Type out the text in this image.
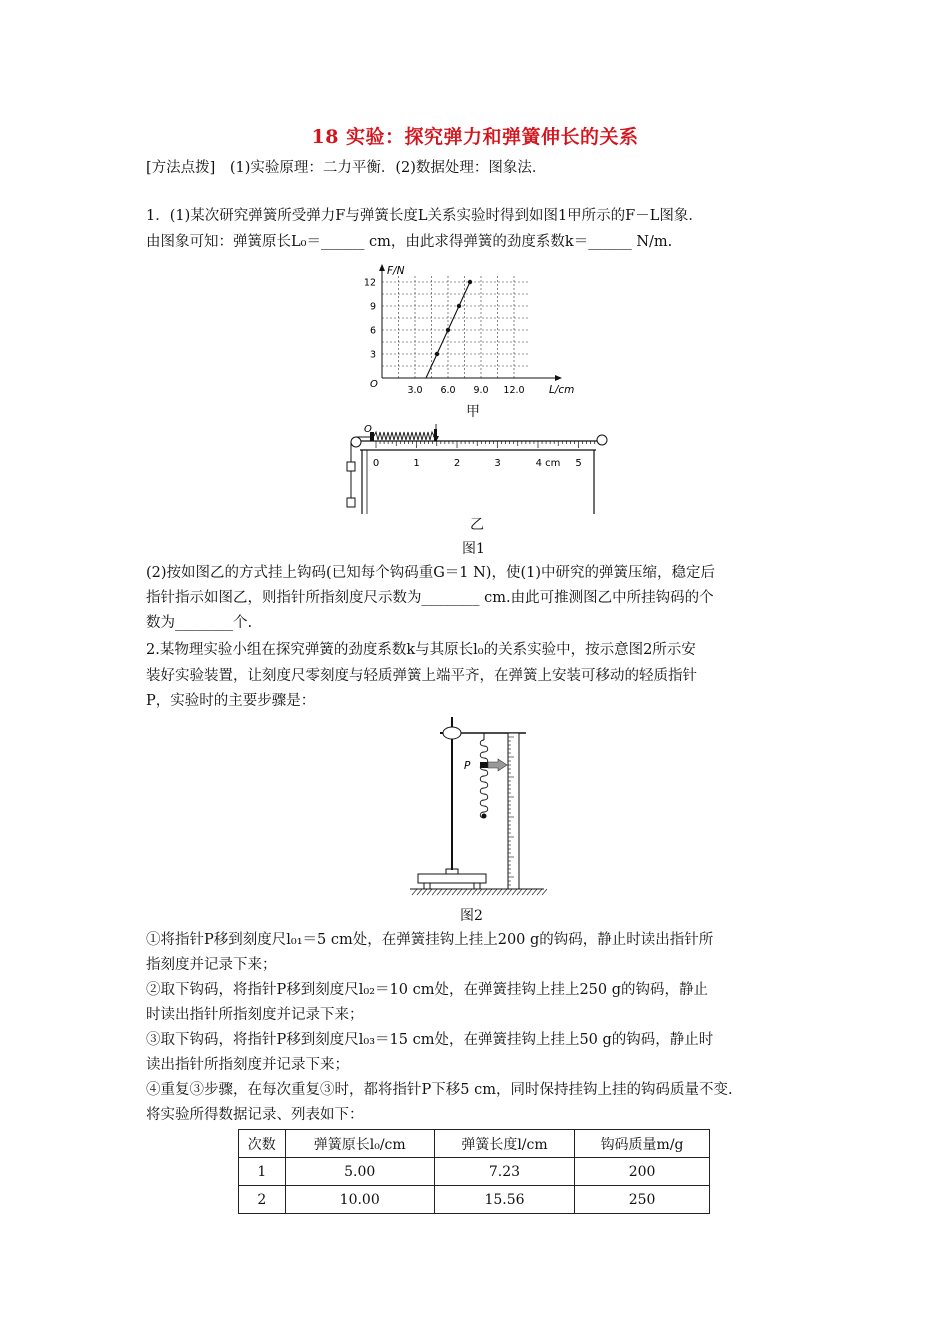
18 实验：探究弹力和弹簧伸长的关系
[方法点拨]　(1)实验原理：二力平衡．(2)数据处理：图象法．
1．(1)某次研究弹簧所受弹力F与弹簧长度L关系实验时得到如图1甲所示的F－L图象．
由图象可知：弹簧原长L₀＝______ cm，由此求得弹簧的劲度系数k＝______ N/m.
F/N
L/cm
O
3.0 6.0 9.0 12.0
3
6
9
12
甲
O
0	1	2	3	4 cm 5
乙
图1
(2)按如图乙的方式挂上钩码(已知每个钩码重G＝1 N)，使(1)中研究的弹簧压缩，稳定后
指针指示如图乙，则指针所指刻度尺示数为________ cm.由此可推测图乙中所挂钩码的个
数为________个.
2.某物理实验小组在探究弹簧的劲度系数k与其原长l₀的关系实验中，按示意图2所示安
装好实验装置，让刻度尺零刻度与轻质弹簧上端平齐，在弹簧上安装可移动的轻质指针
P，实验时的主要步骤是：
P
图2
①将指针P移到刻度尺l₀₁＝5 cm处，在弹簧挂钩上挂上200 g的钩码，静止时读出指针所
指刻度并记录下来；
②取下钩码，将指针P移到刻度尺l₀₂＝10 cm处，在弹簧挂钩上挂上250 g的钩码，静止
时读出指针所指刻度并记录下来；
③取下钩码，将指针P移到刻度尺l₀₃＝15 cm处，在弹簧挂钩上挂上50 g的钩码，静止时
读出指针所指刻度并记录下来；
④重复③步骤，在每次重复③时，都将指针P下移5 cm，同时保持挂钩上挂的钩码质量不变.
将实验所得数据记录、列表如下：
次数	弹簧原长l₀/cm	弹簧长度l/cm	钩码质量m/g
1	5.00	7.23	200
2	10.00	15.56	250
